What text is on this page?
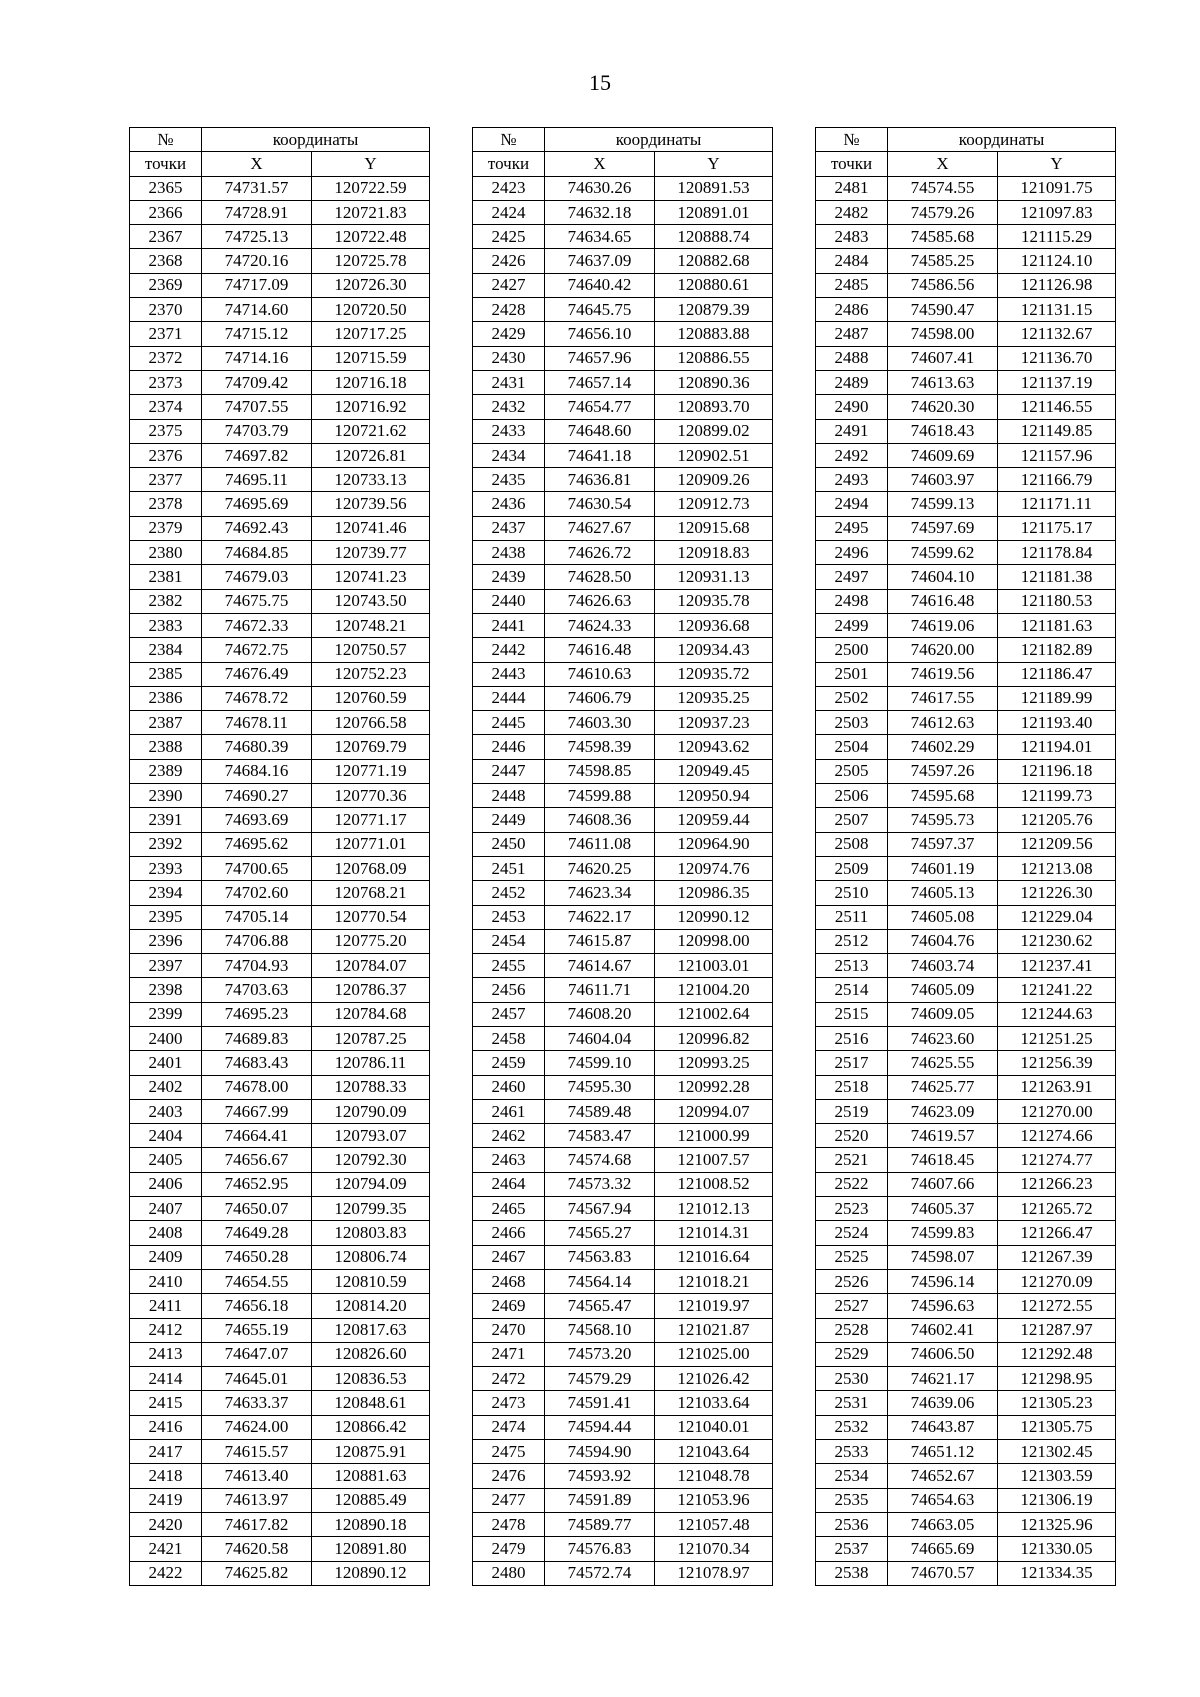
15
№	координаты	
точки	X	Y
2365	74731.57	120722.59
2366	74728.91	120721.83
2367	74725.13	120722.48
2368	74720.16	120725.78
2369	74717.09	120726.30
2370	74714.60	120720.50
2371	74715.12	120717.25
2372	74714.16	120715.59
2373	74709.42	120716.18
2374	74707.55	120716.92
2375	74703.79	120721.62
2376	74697.82	120726.81
2377	74695.11	120733.13
2378	74695.69	120739.56
2379	74692.43	120741.46
2380	74684.85	120739.77
2381	74679.03	120741.23
2382	74675.75	120743.50
2383	74672.33	120748.21
2384	74672.75	120750.57
2385	74676.49	120752.23
2386	74678.72	120760.59
2387	74678.11	120766.58
2388	74680.39	120769.79
2389	74684.16	120771.19
2390	74690.27	120770.36
2391	74693.69	120771.17
2392	74695.62	120771.01
2393	74700.65	120768.09
2394	74702.60	120768.21
2395	74705.14	120770.54
2396	74706.88	120775.20
2397	74704.93	120784.07
2398	74703.63	120786.37
2399	74695.23	120784.68
2400	74689.83	120787.25
2401	74683.43	120786.11
2402	74678.00	120788.33
2403	74667.99	120790.09
2404	74664.41	120793.07
2405	74656.67	120792.30
2406	74652.95	120794.09
2407	74650.07	120799.35
2408	74649.28	120803.83
2409	74650.28	120806.74
2410	74654.55	120810.59
2411	74656.18	120814.20
2412	74655.19	120817.63
2413	74647.07	120826.60
2414	74645.01	120836.53
2415	74633.37	120848.61
2416	74624.00	120866.42
2417	74615.57	120875.91
2418	74613.40	120881.63
2419	74613.97	120885.49
2420	74617.82	120890.18
2421	74620.58	120891.80
2422	74625.82	120890.12
№	координаты	
точки	X	Y
2423	74630.26	120891.53
2424	74632.18	120891.01
2425	74634.65	120888.74
2426	74637.09	120882.68
2427	74640.42	120880.61
2428	74645.75	120879.39
2429	74656.10	120883.88
2430	74657.96	120886.55
2431	74657.14	120890.36
2432	74654.77	120893.70
2433	74648.60	120899.02
2434	74641.18	120902.51
2435	74636.81	120909.26
2436	74630.54	120912.73
2437	74627.67	120915.68
2438	74626.72	120918.83
2439	74628.50	120931.13
2440	74626.63	120935.78
2441	74624.33	120936.68
2442	74616.48	120934.43
2443	74610.63	120935.72
2444	74606.79	120935.25
2445	74603.30	120937.23
2446	74598.39	120943.62
2447	74598.85	120949.45
2448	74599.88	120950.94
2449	74608.36	120959.44
2450	74611.08	120964.90
2451	74620.25	120974.76
2452	74623.34	120986.35
2453	74622.17	120990.12
2454	74615.87	120998.00
2455	74614.67	121003.01
2456	74611.71	121004.20
2457	74608.20	121002.64
2458	74604.04	120996.82
2459	74599.10	120993.25
2460	74595.30	120992.28
2461	74589.48	120994.07
2462	74583.47	121000.99
2463	74574.68	121007.57
2464	74573.32	121008.52
2465	74567.94	121012.13
2466	74565.27	121014.31
2467	74563.83	121016.64
2468	74564.14	121018.21
2469	74565.47	121019.97
2470	74568.10	121021.87
2471	74573.20	121025.00
2472	74579.29	121026.42
2473	74591.41	121033.64
2474	74594.44	121040.01
2475	74594.90	121043.64
2476	74593.92	121048.78
2477	74591.89	121053.96
2478	74589.77	121057.48
2479	74576.83	121070.34
2480	74572.74	121078.97
№	координаты	
точки	X	Y
2481	74574.55	121091.75
2482	74579.26	121097.83
2483	74585.68	121115.29
2484	74585.25	121124.10
2485	74586.56	121126.98
2486	74590.47	121131.15
2487	74598.00	121132.67
2488	74607.41	121136.70
2489	74613.63	121137.19
2490	74620.30	121146.55
2491	74618.43	121149.85
2492	74609.69	121157.96
2493	74603.97	121166.79
2494	74599.13	121171.11
2495	74597.69	121175.17
2496	74599.62	121178.84
2497	74604.10	121181.38
2498	74616.48	121180.53
2499	74619.06	121181.63
2500	74620.00	121182.89
2501	74619.56	121186.47
2502	74617.55	121189.99
2503	74612.63	121193.40
2504	74602.29	121194.01
2505	74597.26	121196.18
2506	74595.68	121199.73
2507	74595.73	121205.76
2508	74597.37	121209.56
2509	74601.19	121213.08
2510	74605.13	121226.30
2511	74605.08	121229.04
2512	74604.76	121230.62
2513	74603.74	121237.41
2514	74605.09	121241.22
2515	74609.05	121244.63
2516	74623.60	121251.25
2517	74625.55	121256.39
2518	74625.77	121263.91
2519	74623.09	121270.00
2520	74619.57	121274.66
2521	74618.45	121274.77
2522	74607.66	121266.23
2523	74605.37	121265.72
2524	74599.83	121266.47
2525	74598.07	121267.39
2526	74596.14	121270.09
2527	74596.63	121272.55
2528	74602.41	121287.97
2529	74606.50	121292.48
2530	74621.17	121298.95
2531	74639.06	121305.23
2532	74643.87	121305.75
2533	74651.12	121302.45
2534	74652.67	121303.59
2535	74654.63	121306.19
2536	74663.05	121325.96
2537	74665.69	121330.05
2538	74670.57	121334.35
